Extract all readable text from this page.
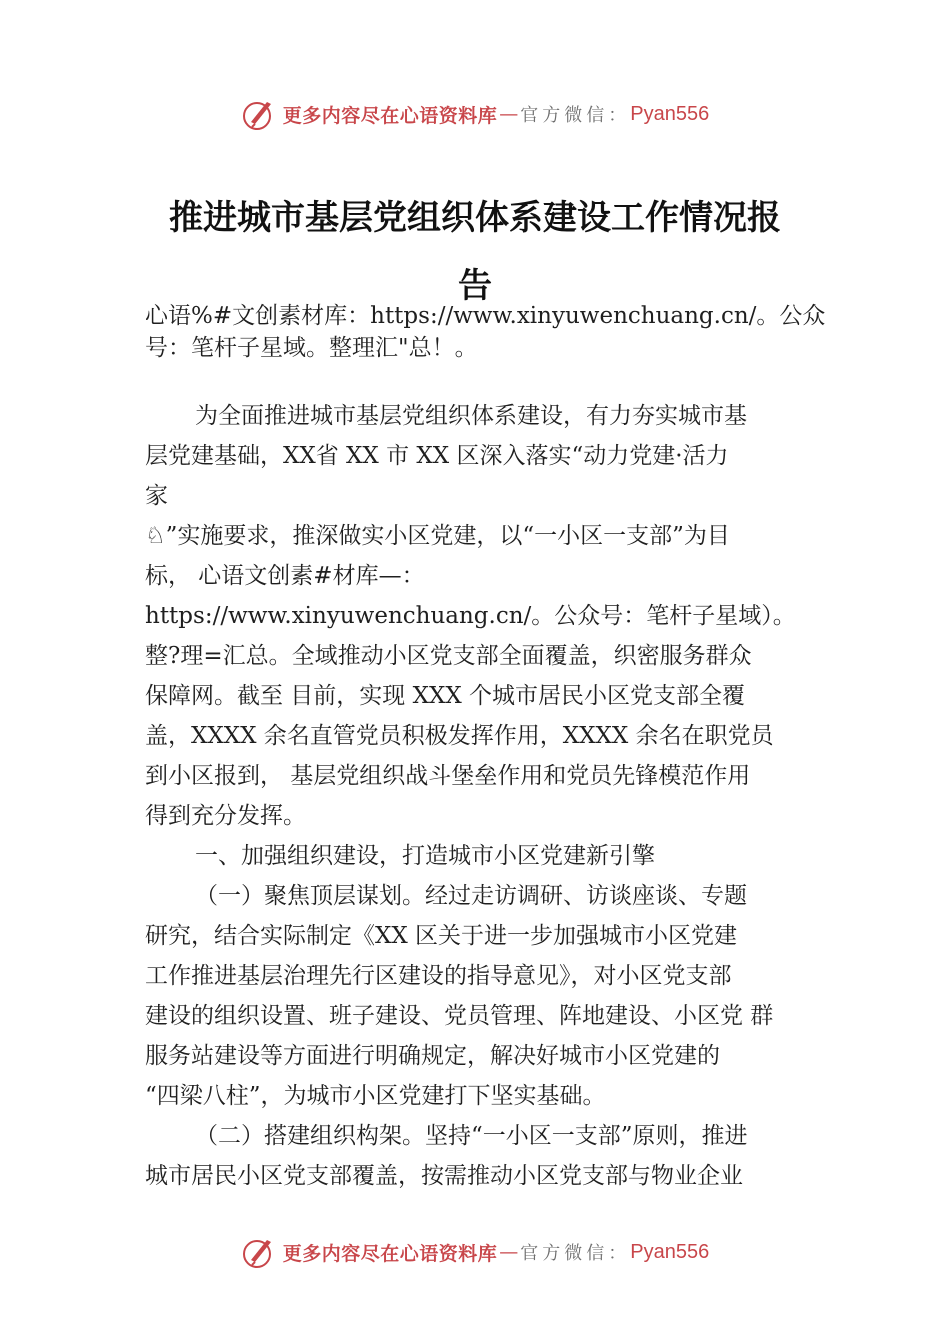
更多内容尽在心语资料库 — 官方微信： Pyan556
推进城市基层党组织体系建设工作情况报
告
心语%#文创素材库：https://www.xinyuwenchuang.cn/。公众
号：笔杆子星域。整理汇"总！。
为全面推进城市基层党组织体系建设，有力夯实城市基
层党建基础，XX省 XX 市 XX 区深入落实“动力党建·活力
家
♘”实施要求，推深做实小区党建，以“一小区一支部”为目
标， 心语文创素#材库—：
https://www.xinyuwenchuang.cn/。公众号：笔杆子星域）。
整?理=汇总。全域推动小区党支部全面覆盖，织密服务群众
保障网。截至 目前，实现 XXX 个城市居民小区党支部全覆
盖，XXXX 余名直管党员积极发挥作用，XXXX 余名在职党员
到小区报到， 基层党组织战斗堡垒作用和党员先锋模范作用
得到充分发挥。
一、加强组织建设，打造城市小区党建新引擎
（一）聚焦顶层谋划。经过走访调研、访谈座谈、专题
研究，结合实际制定《XX 区关于进一步加强城市小区党建
工作推进基层治理先行区建设的指导意见》，对小区党支部
建设的组织设置、班子建设、党员管理、阵地建设、小区党 群
服务站建设等方面进行明确规定，解决好城市小区党建的
“四梁八柱”，为城市小区党建打下坚实基础。
（二）搭建组织构架。坚持“一小区一支部”原则，推进
城市居民小区党支部覆盖，按需推动小区党支部与物业企业
更多内容尽在心语资料库 — 官方微信： Pyan556
